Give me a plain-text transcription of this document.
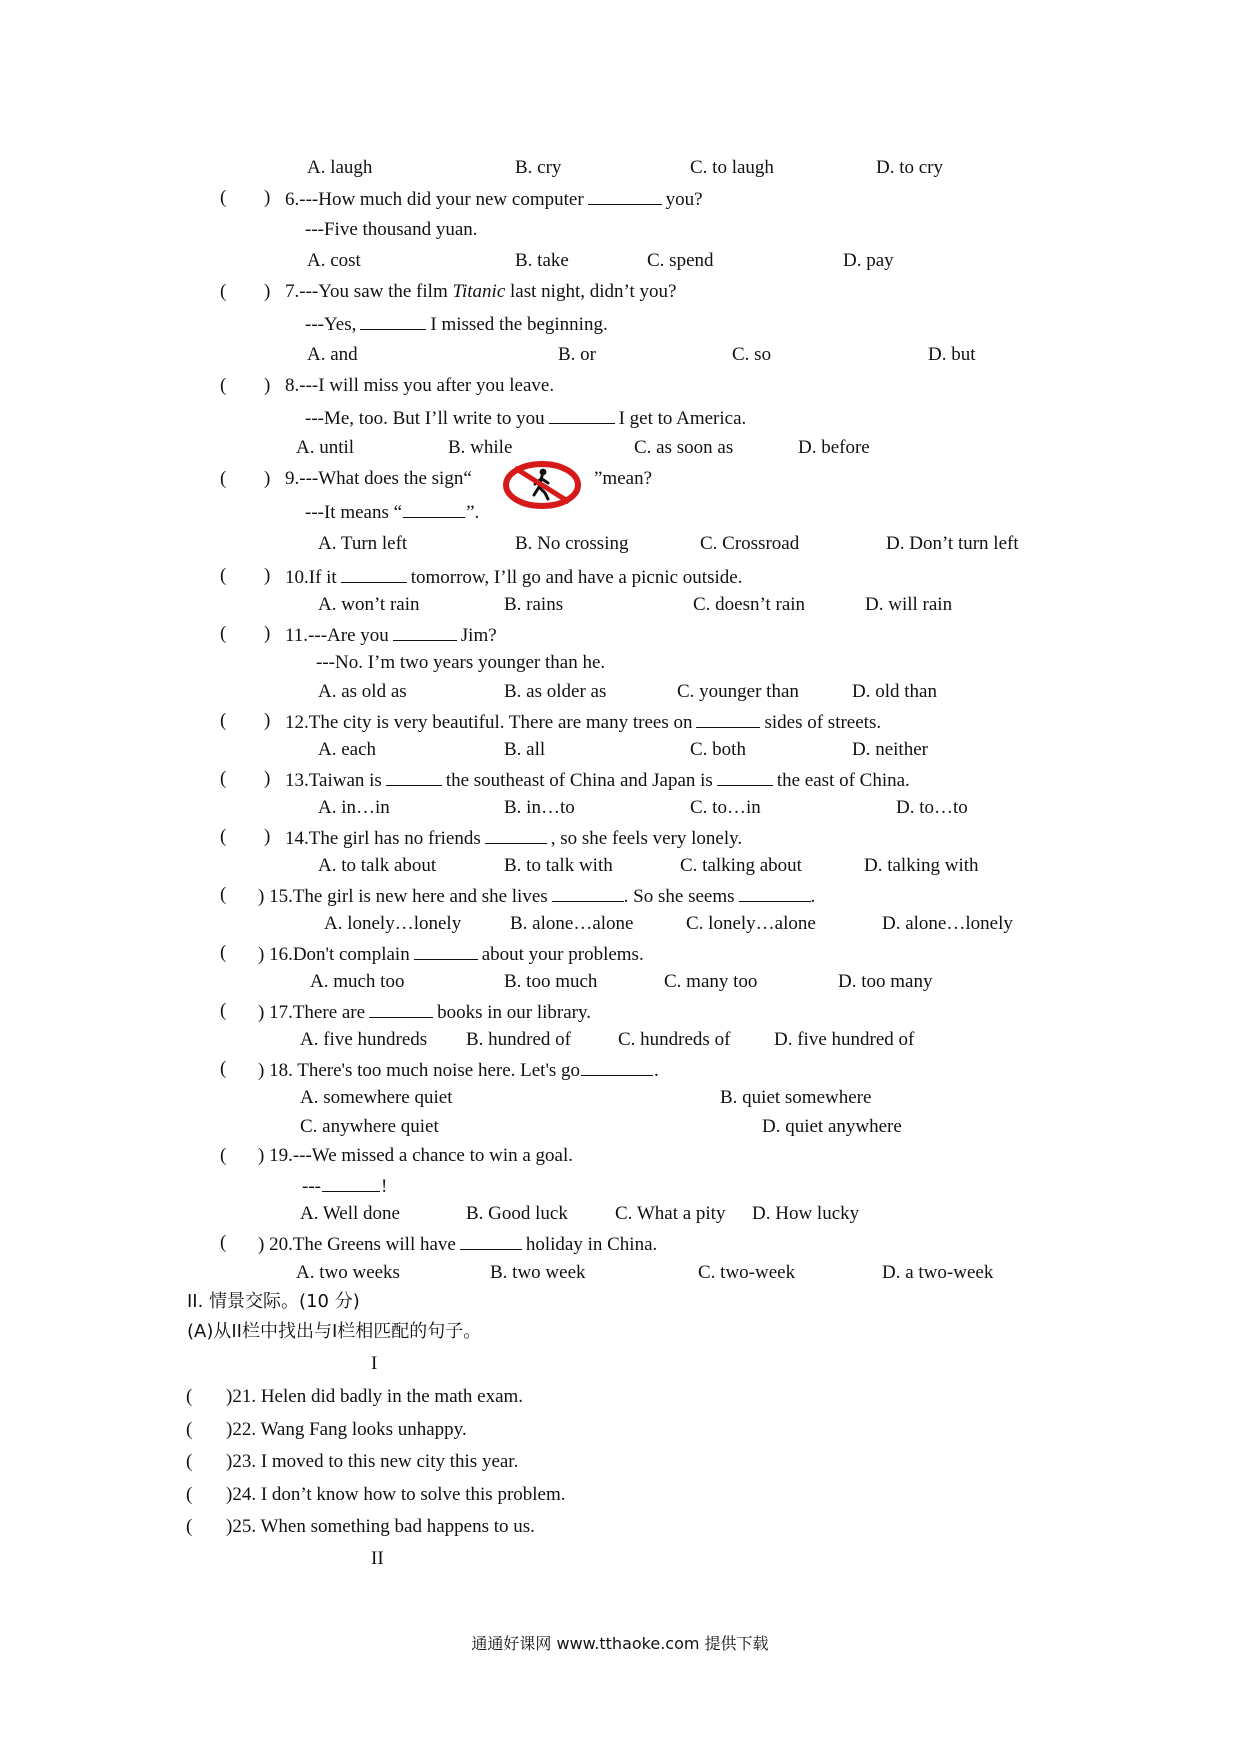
A. laugh	B. cry	C. to laugh	D. to cry
( ) 6.---How much did your new computer	you?
---Five thousand yuan.
A. cost	B. take	C. spend	D. pay
( ) 7.---You saw the film Titanic last night, didn’t you?
---Yes,	I missed the beginning.
A. and	B. or	C. so	D. but
( ) 8.---I will miss you after you leave.
---Me, too. But I’ll write to you	I get to America.
A. until	B. while	C. as soon as	D. before
( ) 9.---What does the sign“	”mean?
---It means “	”.
A. Turn left	B. No crossing	C. Crossroad	D. Don’t turn left
( ) 10.If it	tomorrow, I’ll go and have a picnic outside.
A. won’t rain	B. rains	C. doesn’t rain	D. will rain
( ) 11.---Are you	Jim?
---No. I’m two years younger than he.
A. as old as	B. as older as	C. younger than	D. old than
( ) 12.The city is very beautiful. There are many trees on	sides of streets.
A. each	B. all	C. both	D. neither
( ) 13.Taiwan is	the southeast of China and Japan is	the east of China.
A. in…in	B. in…to	C. to…in	D. to…to
( ) 14.The girl has no friends	, so she feels very lonely.
A. to talk about	B. to talk with	C. talking about	D. talking with
( ) 15.The girl is new here and she lives	. So she seems	.
A. lonely…lonely	B. alone…alone	C. lonely…alone	D. alone…lonely
( ) 16.Don't complain	about your problems.
A. much too	B. too much	C. many too	D. too many
( ) 17.There are	books in our library.
A. five hundreds B. hundred of C. hundreds of D. five hundred of
( ) 18. There's too much noise here. Let's go	.
A. somewhere quiet	B. quiet somewhere
C. anywhere quiet	D. quiet anywhere
( ) 19.---We missed a chance to win a goal.
---	!
A. Well done	B. Good luck C. What a pity D. How lucky
( ) 20.The Greens will have	holiday in China.
A. two weeks	B. two week	C. two-week	D. a two-week
II. 情景交际。(10 分)
(A)从II栏中找出与I栏相匹配的句子。
I
( )21. Helen did badly in the math exam.
( )22. Wang Fang looks unhappy.
( )23. I moved to this new city this year.
( )24. I don’t know how to solve this problem.
( )25. When something bad happens to us.
II
通通好课网 www.tthaoke.com 提供下载
